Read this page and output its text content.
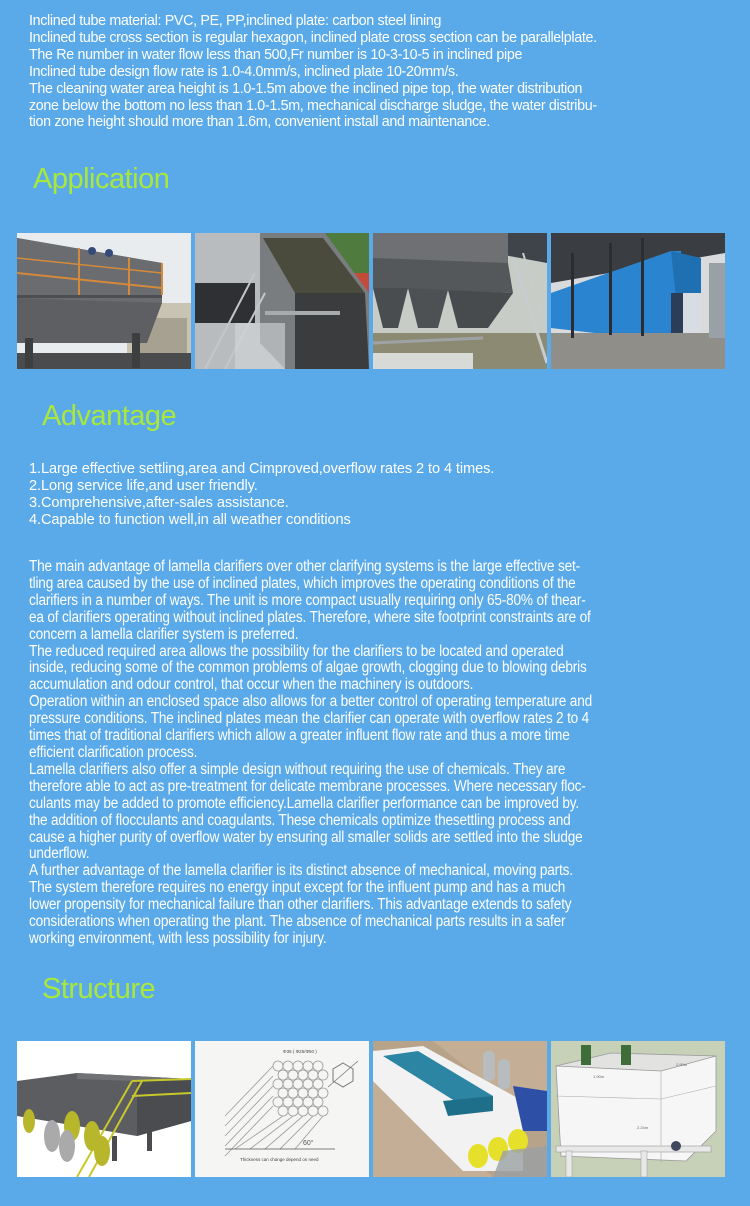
Inclined tube material: PVC, PE, PP,inclined plate: carbon steel lining
Inclined tube cross section is regular hexagon, inclined plate cross section can be parallelplate.
The Re number in water flow less than 500,Fr number is 10-3-10-5 in inclined pipe
Inclined tube design flow rate is 1.0-4.0mm/s, inclined plate 10-20mm/s.
The cleaning water area height is 1.0-1.5m above the inclined pipe top, the water distribution
zone below the bottom no less than 1.0-1.5m, mechanical discharge sludge, the water distribu-
tion zone height should more than 1.6m, convenient install and maintenance.
Application
Advantage
1.Large effective settling,area and Cimproved,overflow rates 2 to 4 times.
2.Long service life,and user friendly.
3.Comprehensive,after-sales assistance.
4.Capable to function well,in all weather conditions
The main advantage of lamella clarifiers over other clarifying systems is the large effective set-
tling area caused by the use of inclined plates, which improves the operating conditions of the
clarifiers in a number of ways. The unit is more compact usually requiring only 65-80% of thear-
ea of clarifiers operating without inclined plates. Therefore, where site footprint constraints are of
concern a lamella clarifier system is preferred.
The reduced required area allows the possibility for the clarifiers to be located and operated
inside, reducing some of the common problems of algae growth, clogging due to blowing debris
accumulation and odour control, that occur when the machinery is outdoors.
Operation within an enclosed space also allows for a better control of operating temperature and
pressure conditions. The inclined plates mean the clarifier can operate with overflow rates 2 to 4
times that of traditional clarifiers which allow a greater influent flow rate and thus a more time
efficient clarification process.
Lamella clarifiers also offer a simple design without requiring the use of chemicals. They are
therefore able to act as pre-treatment for delicate membrane processes. Where necessary floc-
culants may be added to promote efficiency.Lamella clarifier performance can be improved by.
the addition of flocculants and coagulants. These chemicals optimize thesettling process and
cause a higher purity of overflow water by ensuring all smaller solids are settled into the sludge
underflow.
A further advantage of the lamella clarifier is its distinct absence of mechanical, moving parts.
The system therefore requires no energy input except for the influent pump and has a much
lower propensity for mechanical failure than other clarifiers. This advantage extends to safety
considerations when operating the plant. The absence of mechanical parts results in a safer
working environment, with less possibility for injury.
Structure
60°
Thickness can change depend on need
Φ35 ( Φ25/Φ50 )
1.90m
2.50m
2.24m
